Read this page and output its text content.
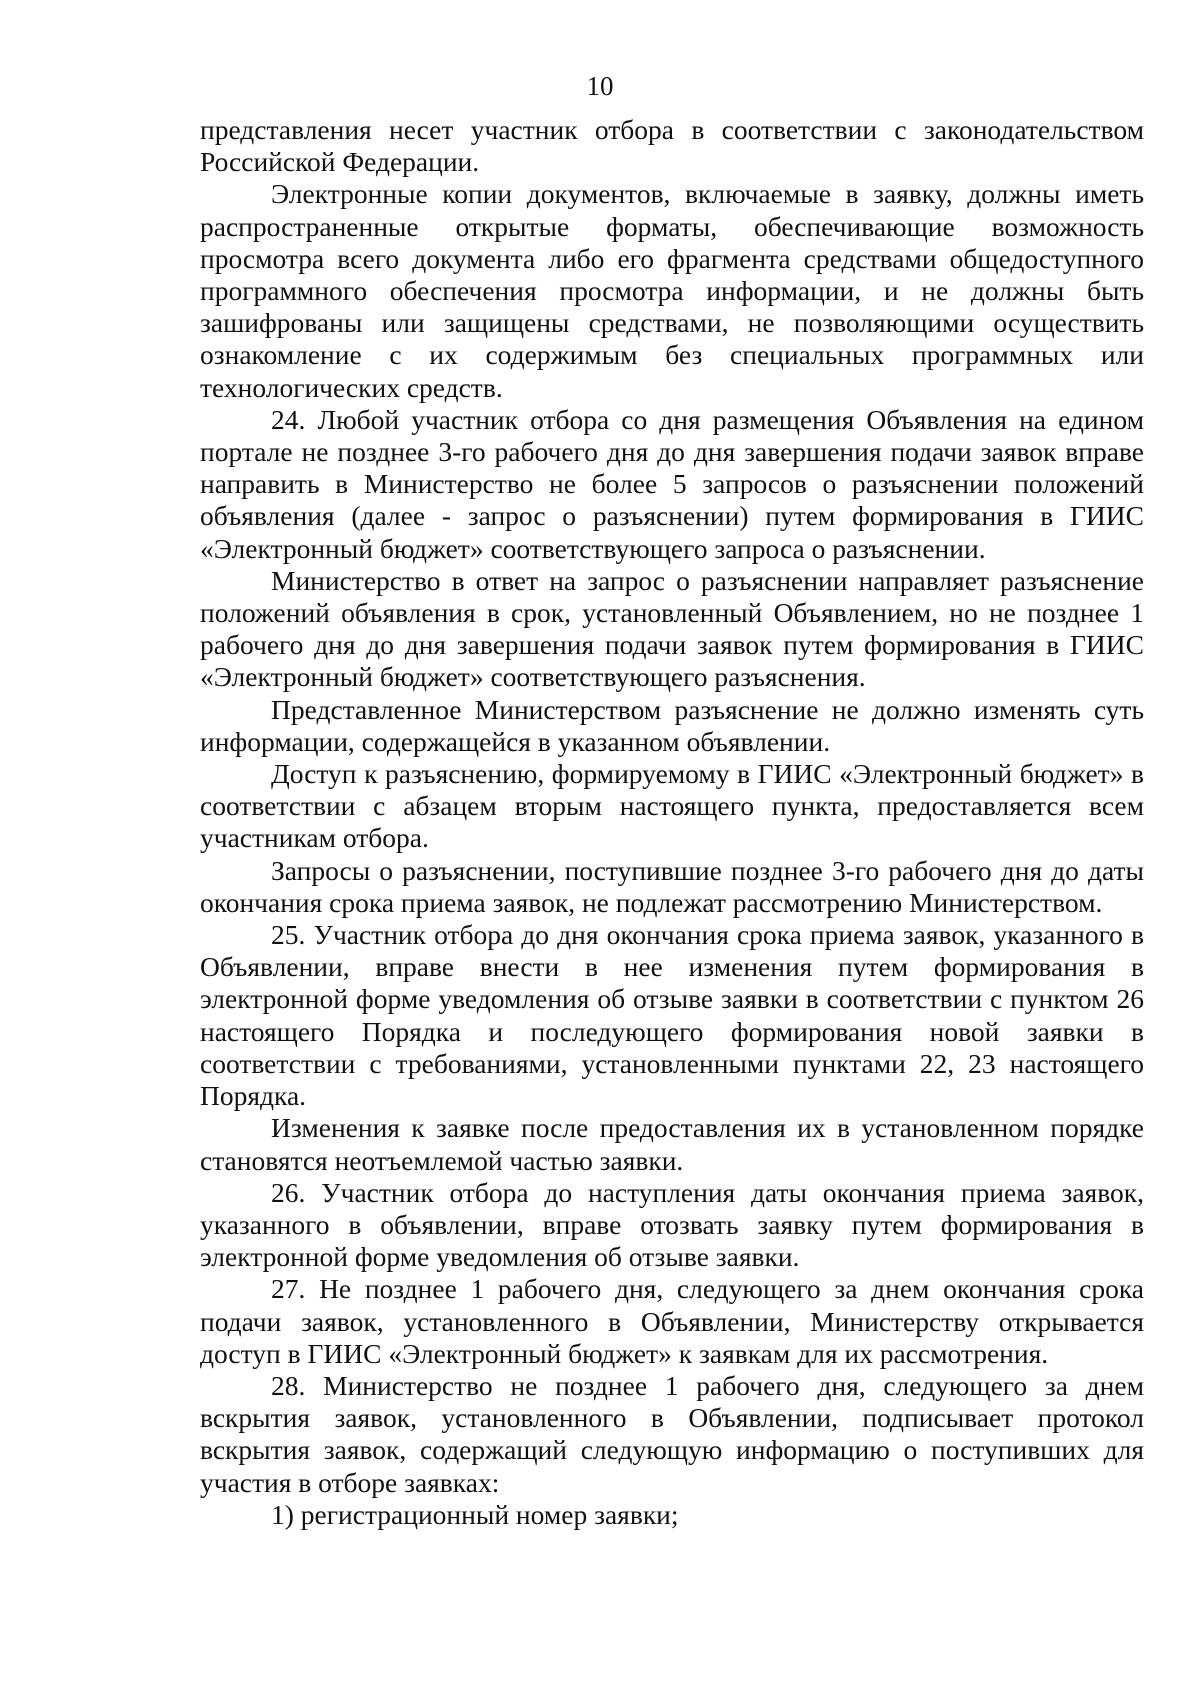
10

представления несет участник отбора в соответствии с законодательством Российской Федерации.

Электронные копии документов, включаемые в заявку, должны иметь распространенные открытые форматы, обеспечивающие возможность просмотра всего документа либо его фрагмента средствами общедоступного программного обеспечения просмотра информации, и не должны быть зашифрованы или защищены средствами, не позволяющими осуществить ознакомление с их содержимым без специальных программных или технологических средств.

24. Любой участник отбора со дня размещения Объявления на едином портале не позднее 3-го рабочего дня до дня завершения подачи заявок вправе направить в Министерство не более 5 запросов о разъяснении положений объявления (далее - запрос о разъяснении) путем формирования в ГИИС «Электронный бюджет» соответствующего запроса о разъяснении.

Министерство в ответ на запрос о разъяснении направляет разъяснение положений объявления в срок, установленный Объявлением, но не позднее 1 рабочего дня до дня завершения подачи заявок путем формирования в ГИИС «Электронный бюджет» соответствующего разъяснения.

Представленное Министерством разъяснение не должно изменять суть информации, содержащейся в указанном объявлении.

Доступ к разъяснению, формируемому в ГИИС «Электронный бюджет» в соответствии с абзацем вторым настоящего пункта, предоставляется всем участникам отбора.

Запросы о разъяснении, поступившие позднее 3-го рабочего дня до даты окончания срока приема заявок, не подлежат рассмотрению Министерством.

25. Участник отбора до дня окончания срока приема заявок, указанного в Объявлении, вправе внести в нее изменения путем формирования в электронной форме уведомления об отзыве заявки в соответствии с пунктом 26 настоящего Порядка и последующего формирования новой заявки в соответствии с требованиями, установленными пунктами 22, 23 настоящего Порядка.

Изменения к заявке после предоставления их в установленном порядке становятся неотъемлемой частью заявки.

26. Участник отбора до наступления даты окончания приема заявок, указанного в объявлении, вправе отозвать заявку путем формирования в электронной форме уведомления об отзыве заявки.

27. Не позднее 1 рабочего дня, следующего за днем окончания срока подачи заявок, установленного в Объявлении, Министерству открывается доступ в ГИИС «Электронный бюджет» к заявкам для их рассмотрения.

28. Министерство не позднее 1 рабочего дня, следующего за днем вскрытия заявок, установленного в Объявлении, подписывает протокол вскрытия заявок, содержащий следующую информацию о поступивших для участия в отборе заявках:

1) регистрационный номер заявки;
